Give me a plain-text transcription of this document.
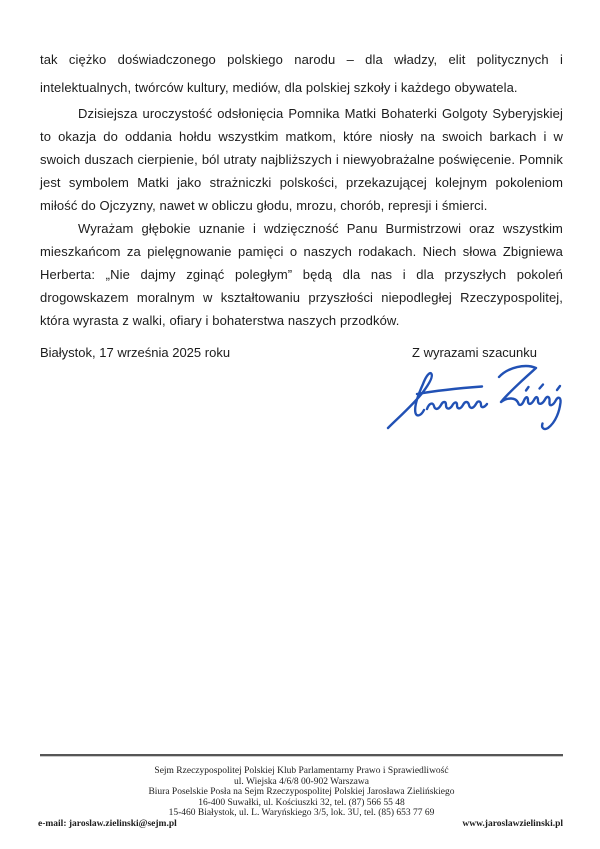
tak ciężko doświadczonego polskiego narodu – dla władzy, elit politycznych i intelektualnych, twórców kultury, mediów, dla polskiej szkoły i każdego obywatela.

Dzisiejsza uroczystość odsłonięcia Pomnika Matki Bohaterki Golgoty Syberyjskiej to okazja do oddania hołdu wszystkim matkom, które niosły na swoich barkach i w swoich duszach cierpienie, ból utraty najbliższych i niewyobrażalne poświęcenie. Pomnik jest symbolem Matki jako strażniczki polskości, przekazującej kolejnym pokoleniom miłość do Ojczyzny, nawet w obliczu głodu, mrozu, chorób, represji i śmierci.

Wyrażam głębokie uznanie i wdzięczność Panu Burmistrzowi oraz wszystkim mieszkańcom za pielęgnowanie pamięci o naszych rodakach. Niech słowa Zbigniewa Herberta: „Nie dajmy zginąć poległym” będą dla nas i dla przyszłych pokoleń drogowskazem moralnym w kształtowaniu przyszłości niepodległej Rzeczypospolitej, która wyrasta z walki, ofiary i bohaterstwa naszych przodków.

Białystok, 17 września 2025 roku	Z wyrazami szacunku
Sejm Rzeczypospolitej Polskiej Klub Parlamentarny Prawo i Sprawiedliwość
ul. Wiejska 4/6/8 00-902 Warszawa
Biura Poselskie Posła na Sejm Rzeczypospolitej Polskiej Jarosława Zielińskiego
16-400 Suwałki, ul. Kościuszki 32, tel. (87) 566 55 48
15-460 Białystok, ul. L. Waryńskiego 3/5, lok. 3U, tel. (85) 653 77 69
e-mail: jaroslaw.zielinski@sejm.pl	www.jaroslawzielinski.pl
